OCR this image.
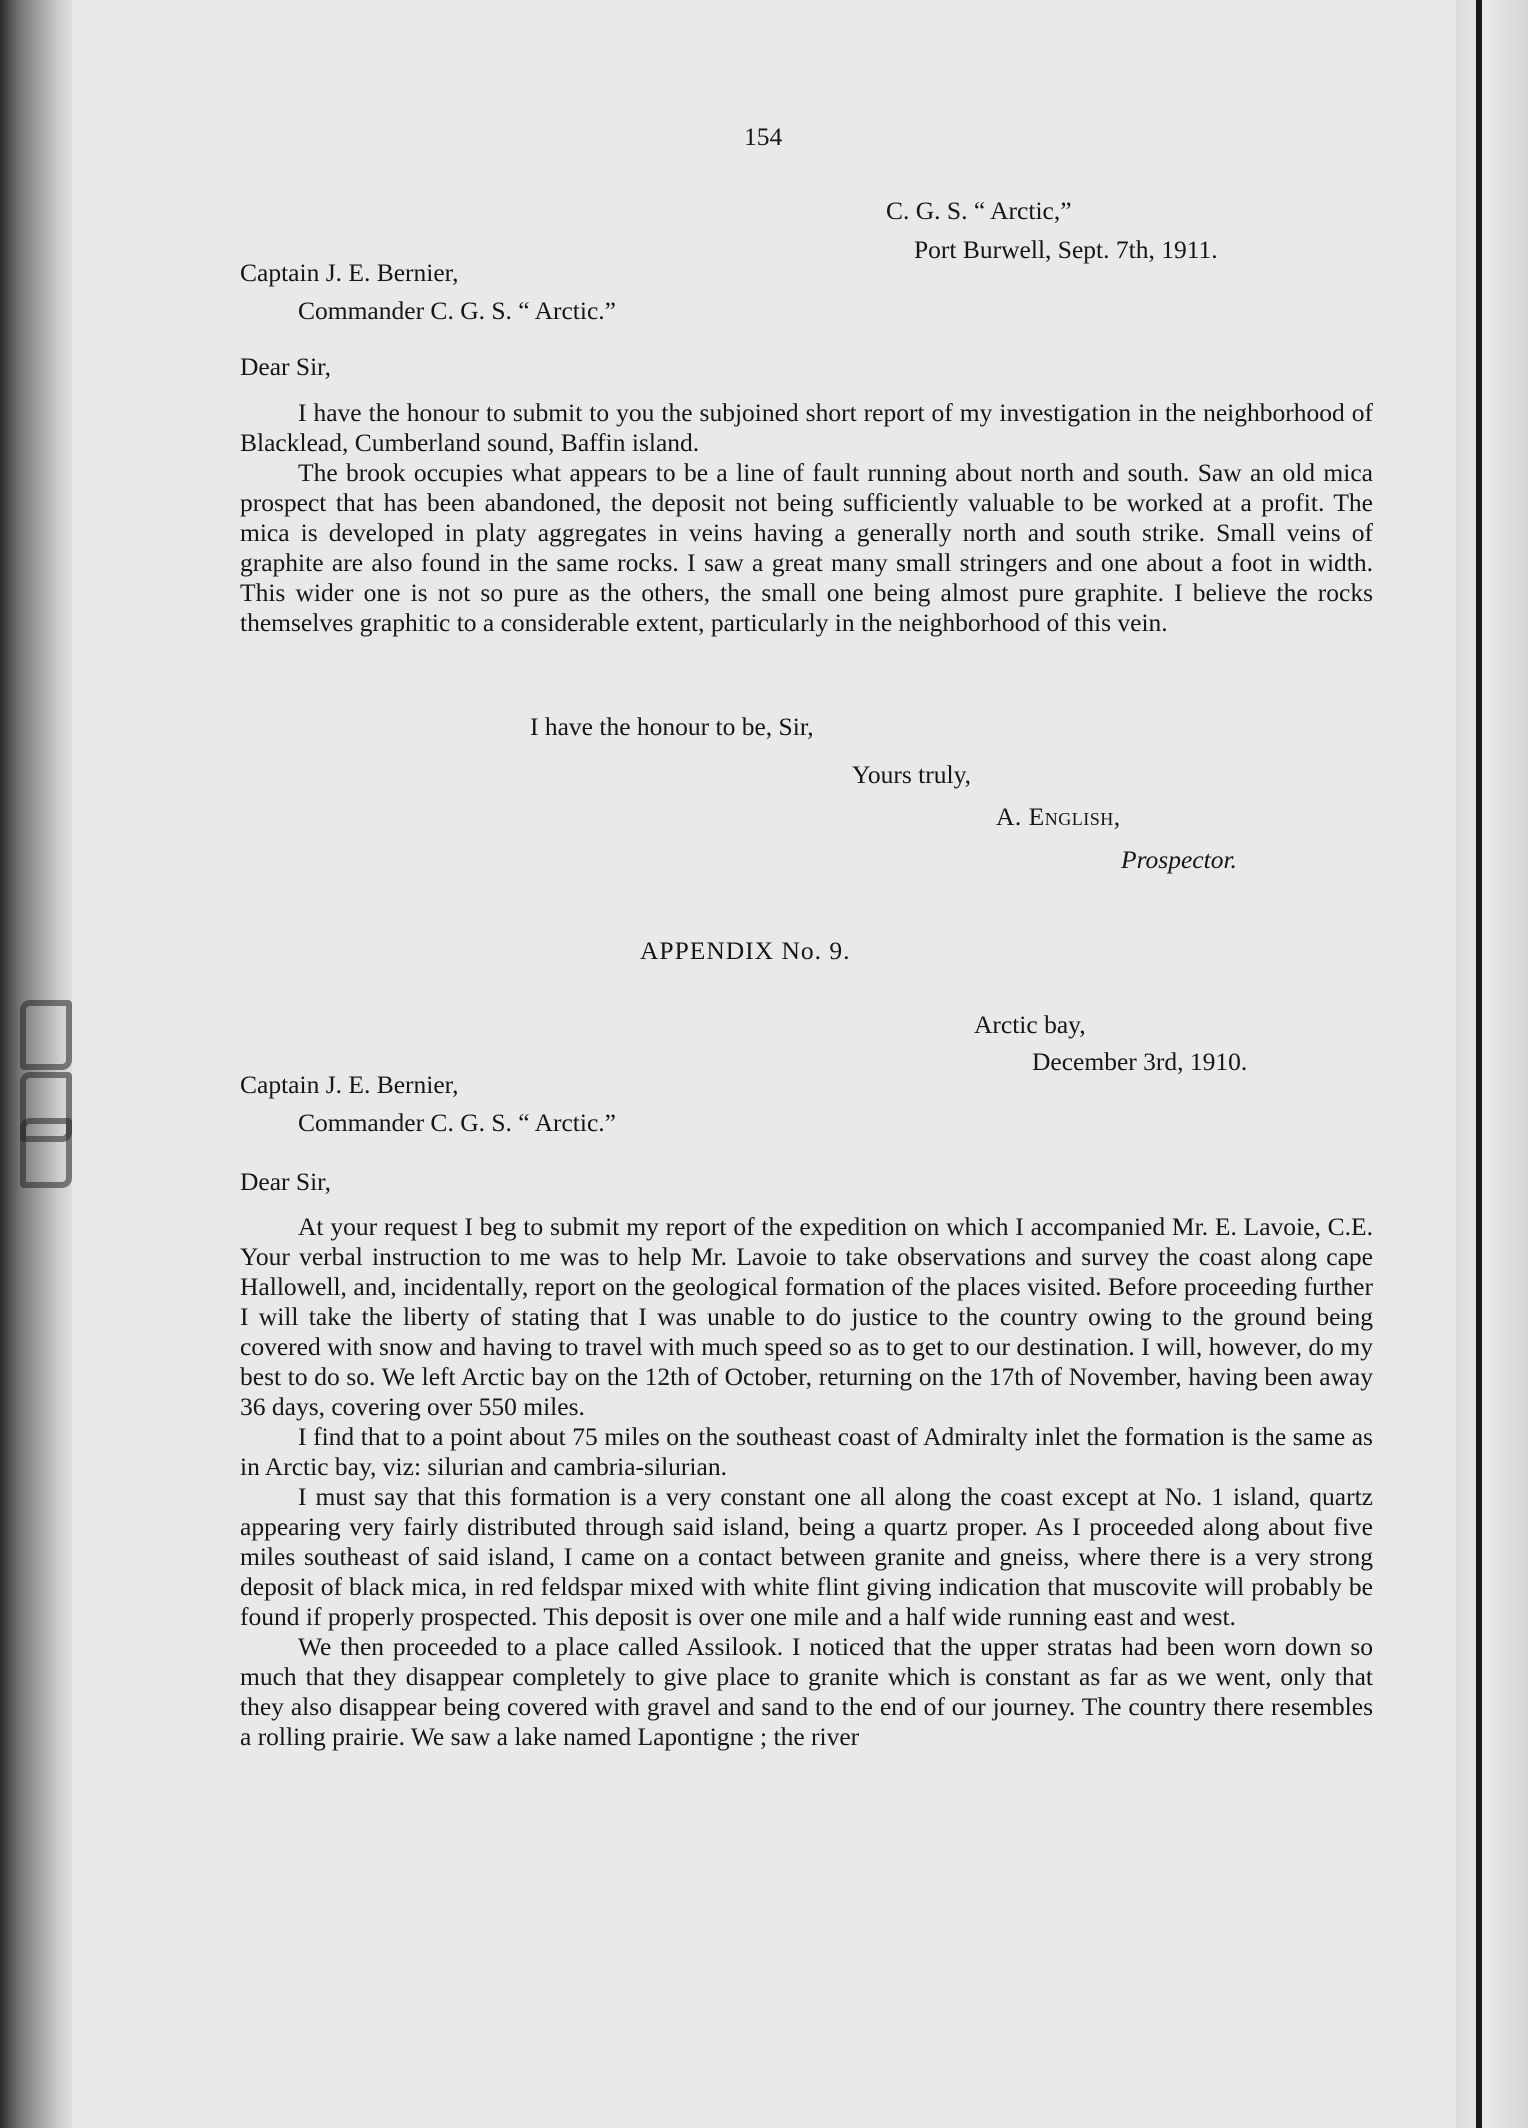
154
C. G. S. “ Arctic,”
Port Burwell, Sept. 7th, 1911.
Captain J. E. Bernier,
Commander C. G. S. “ Arctic.”
Dear Sir,

I have the honour to submit to you the subjoined short report of my investigation in the neighborhood of Blacklead, Cumberland sound, Baffin island.

The brook occupies what appears to be a line of fault running about north and south. Saw an old mica prospect that has been abandoned, the deposit not being sufficiently valuable to be worked at a profit. The mica is developed in platy aggregates in veins having a generally north and south strike. Small veins of graphite are also found in the same rocks. I saw a great many small stringers and one about a foot in width. This wider one is not so pure as the others, the small one being almost pure graphite. I believe the rocks themselves graphitic to a considerable extent, particularly in the neighborhood of this vein.

I have the honour to be, Sir,
Yours truly,
A. English,
Prospector.
APPENDIX No. 9.
Arctic bay,
December 3rd, 1910.
Captain J. E. Bernier,
Commander C. G. S. “ Arctic.”
Dear Sir,

At your request I beg to submit my report of the expedition on which I accompanied Mr. E. Lavoie, C.E. Your verbal instruction to me was to help Mr. Lavoie to take observations and survey the coast along cape Hallowell, and, incidentally, report on the geological formation of the places visited. Before proceeding further I will take the liberty of stating that I was unable to do justice to the country owing to the ground being covered with snow and having to travel with much speed so as to get to our destination. I will, however, do my best to do so. We left Arctic bay on the 12th of October, returning on the 17th of November, having been away 36 days, covering over 550 miles.

I find that to a point about 75 miles on the southeast coast of Admiralty inlet the formation is the same as in Arctic bay, viz: silurian and cambria-silurian.

I must say that this formation is a very constant one all along the coast except at No. 1 island, quartz appearing very fairly distributed through said island, being a quartz proper. As I proceeded along about five miles southeast of said island, I came on a contact between granite and gneiss, where there is a very strong deposit of black mica, in red feldspar mixed with white flint giving indication that muscovite will probably be found if properly prospected. This deposit is over one mile and a half wide running east and west.

We then proceeded to a place called Assilook. I noticed that the upper stratas had been worn down so much that they disappear completely to give place to granite which is constant as far as we went, only that they also disappear being covered with gravel and sand to the end of our journey. The country there resembles a rolling prairie. We saw a lake named Lapontigne ; the river
